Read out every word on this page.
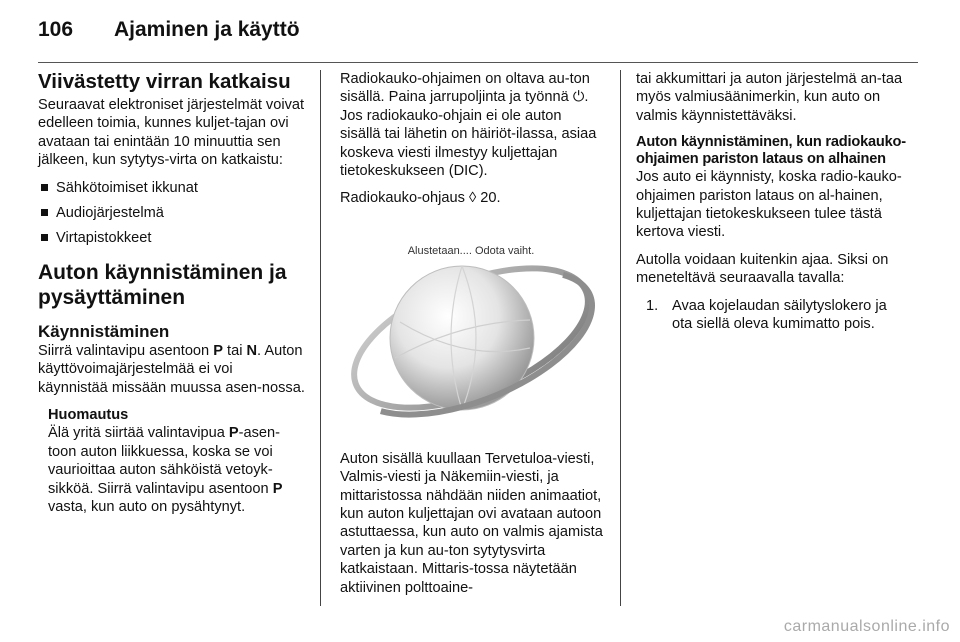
106 Ajaminen ja käyttö
Viivästetty virran katkaisu

Seuraavat elektroniset järjestelmät voivat edelleen toimia, kunnes kuljet-tajan ovi avataan tai enintään 10 minuuttia sen jälkeen, kun sytytys-virta on katkaistu:

Sähkötoimiset ikkunat
Audiojärjestelmä
Virtapistokkeet
Auton käynnistäminen ja pysäyttäminen
Käynnistäminen

Siirrä valintavipu asentoon P tai N. Auton käyttövoimajärjestelmää ei voi käynnistää missään muussa asen-nossa.

Huomautus
Älä yritä siirtää valintavipua P-asen-toon auton liikkuessa, koska se voi vaurioittaa auton sähköistä vetoyk-sikköä. Siirrä valintavipu asentoon P vasta, kun auto on pysähtynyt.

Radiokauko-ohjaimen on oltava au-ton sisällä. Paina jarrupoljinta ja työnnä ⏻. Jos radiokauko-ohjain ei ole auton sisällä tai lähetin on häiriöt-ilassa, asiaa koskeva viesti ilmestyy kuljettajan tietokeskukseen (DIC).

Radiokauko-ohjaus ◊ 20.

Alustetaan.... Odota vaiht.

Auton sisällä kuullaan Tervetuloa-viesti, Valmis-viesti ja Näkemiin-viesti, ja mittaristossa nähdään niiden animaatiot, kun auton kuljettajan ovi avataan autoon astuttaessa, kun auto on valmis ajamista varten ja kun au-ton sytytysvirta katkaistaan. Mittaris-tossa näytetään aktiivinen polttoaine-

tai akkumittari ja auton järjestelmä an-taa myös valmiusäänimerkin, kun auto on valmis käynnistettäväksi.

Auton käynnistäminen, kun radiokauko-ohjaimen pariston lataus on alhainen

Jos auto ei käynnisty, koska radio-kauko-ohjaimen pariston lataus on al-hainen, kuljettajan tietokeskukseen tulee tästä kertova viesti.

Autolla voidaan kuitenkin ajaa. Siksi on meneteltävä seuraavalla tavalla:

1. Avaa kojelaudan säilytyslokero ja ota siellä oleva kumimatto pois.
carmanualsonline.info
